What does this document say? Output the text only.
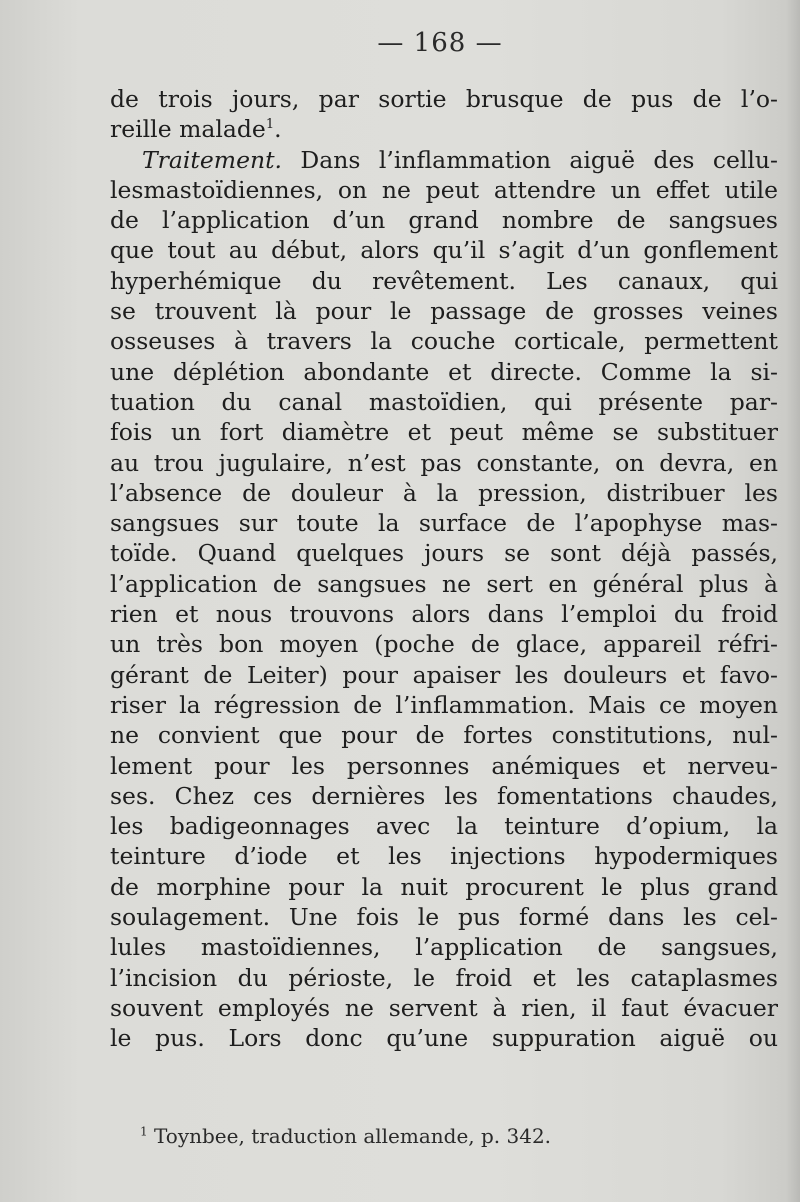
— 168 —
de trois jours, par sortie brusque de pus de l’o-
reille malade$^1$.
Traitement. Dans l’inflammation aiguë des cellu-
lesmastoïdiennes, on ne peut attendre un effet utile
de l’application d’un grand nombre de sangsues
que tout au début, alors qu’il s’agit d’un gonflement
hyperhémique du revêtement. Les canaux, qui
se trouvent là pour le passage de grosses veines
osseuses à travers la couche corticale, permettent
une déplétion abondante et directe. Comme la si-
tuation du canal mastoïdien, qui présente par-
fois un fort diamètre et peut même se substituer
au trou jugulaire, n’est pas constante, on devra, en
l’absence de douleur à la pression, distribuer les
sangsues sur toute la surface de l’apophyse mas-
toïde. Quand quelques jours se sont déjà passés,
l’application de sangsues ne sert en général plus à
rien et nous trouvons alors dans l’emploi du froid
un très bon moyen (poche de glace, appareil réfri-
gérant de Leiter) pour apaiser les douleurs et favo-
riser la régression de l’inflammation. Mais ce moyen
ne convient que pour de fortes constitutions, nul-
lement pour les personnes anémiques et nerveu-
ses. Chez ces dernières les fomentations chaudes,
les badigeonnages avec la teinture d’opium, la
teinture d’iode et les injections hypodermiques
de morphine pour la nuit procurent le plus grand
soulagement. Une fois le pus formé dans les cel-
lules mastoïdiennes, l’application de sangsues,
l’incision du périoste, le froid et les cataplasmes
souvent employés ne servent à rien, il faut évacuer
le pus. Lors donc qu’une suppuration aiguë ou
$^1$ Toynbee, traduction allemande, p. 342.
